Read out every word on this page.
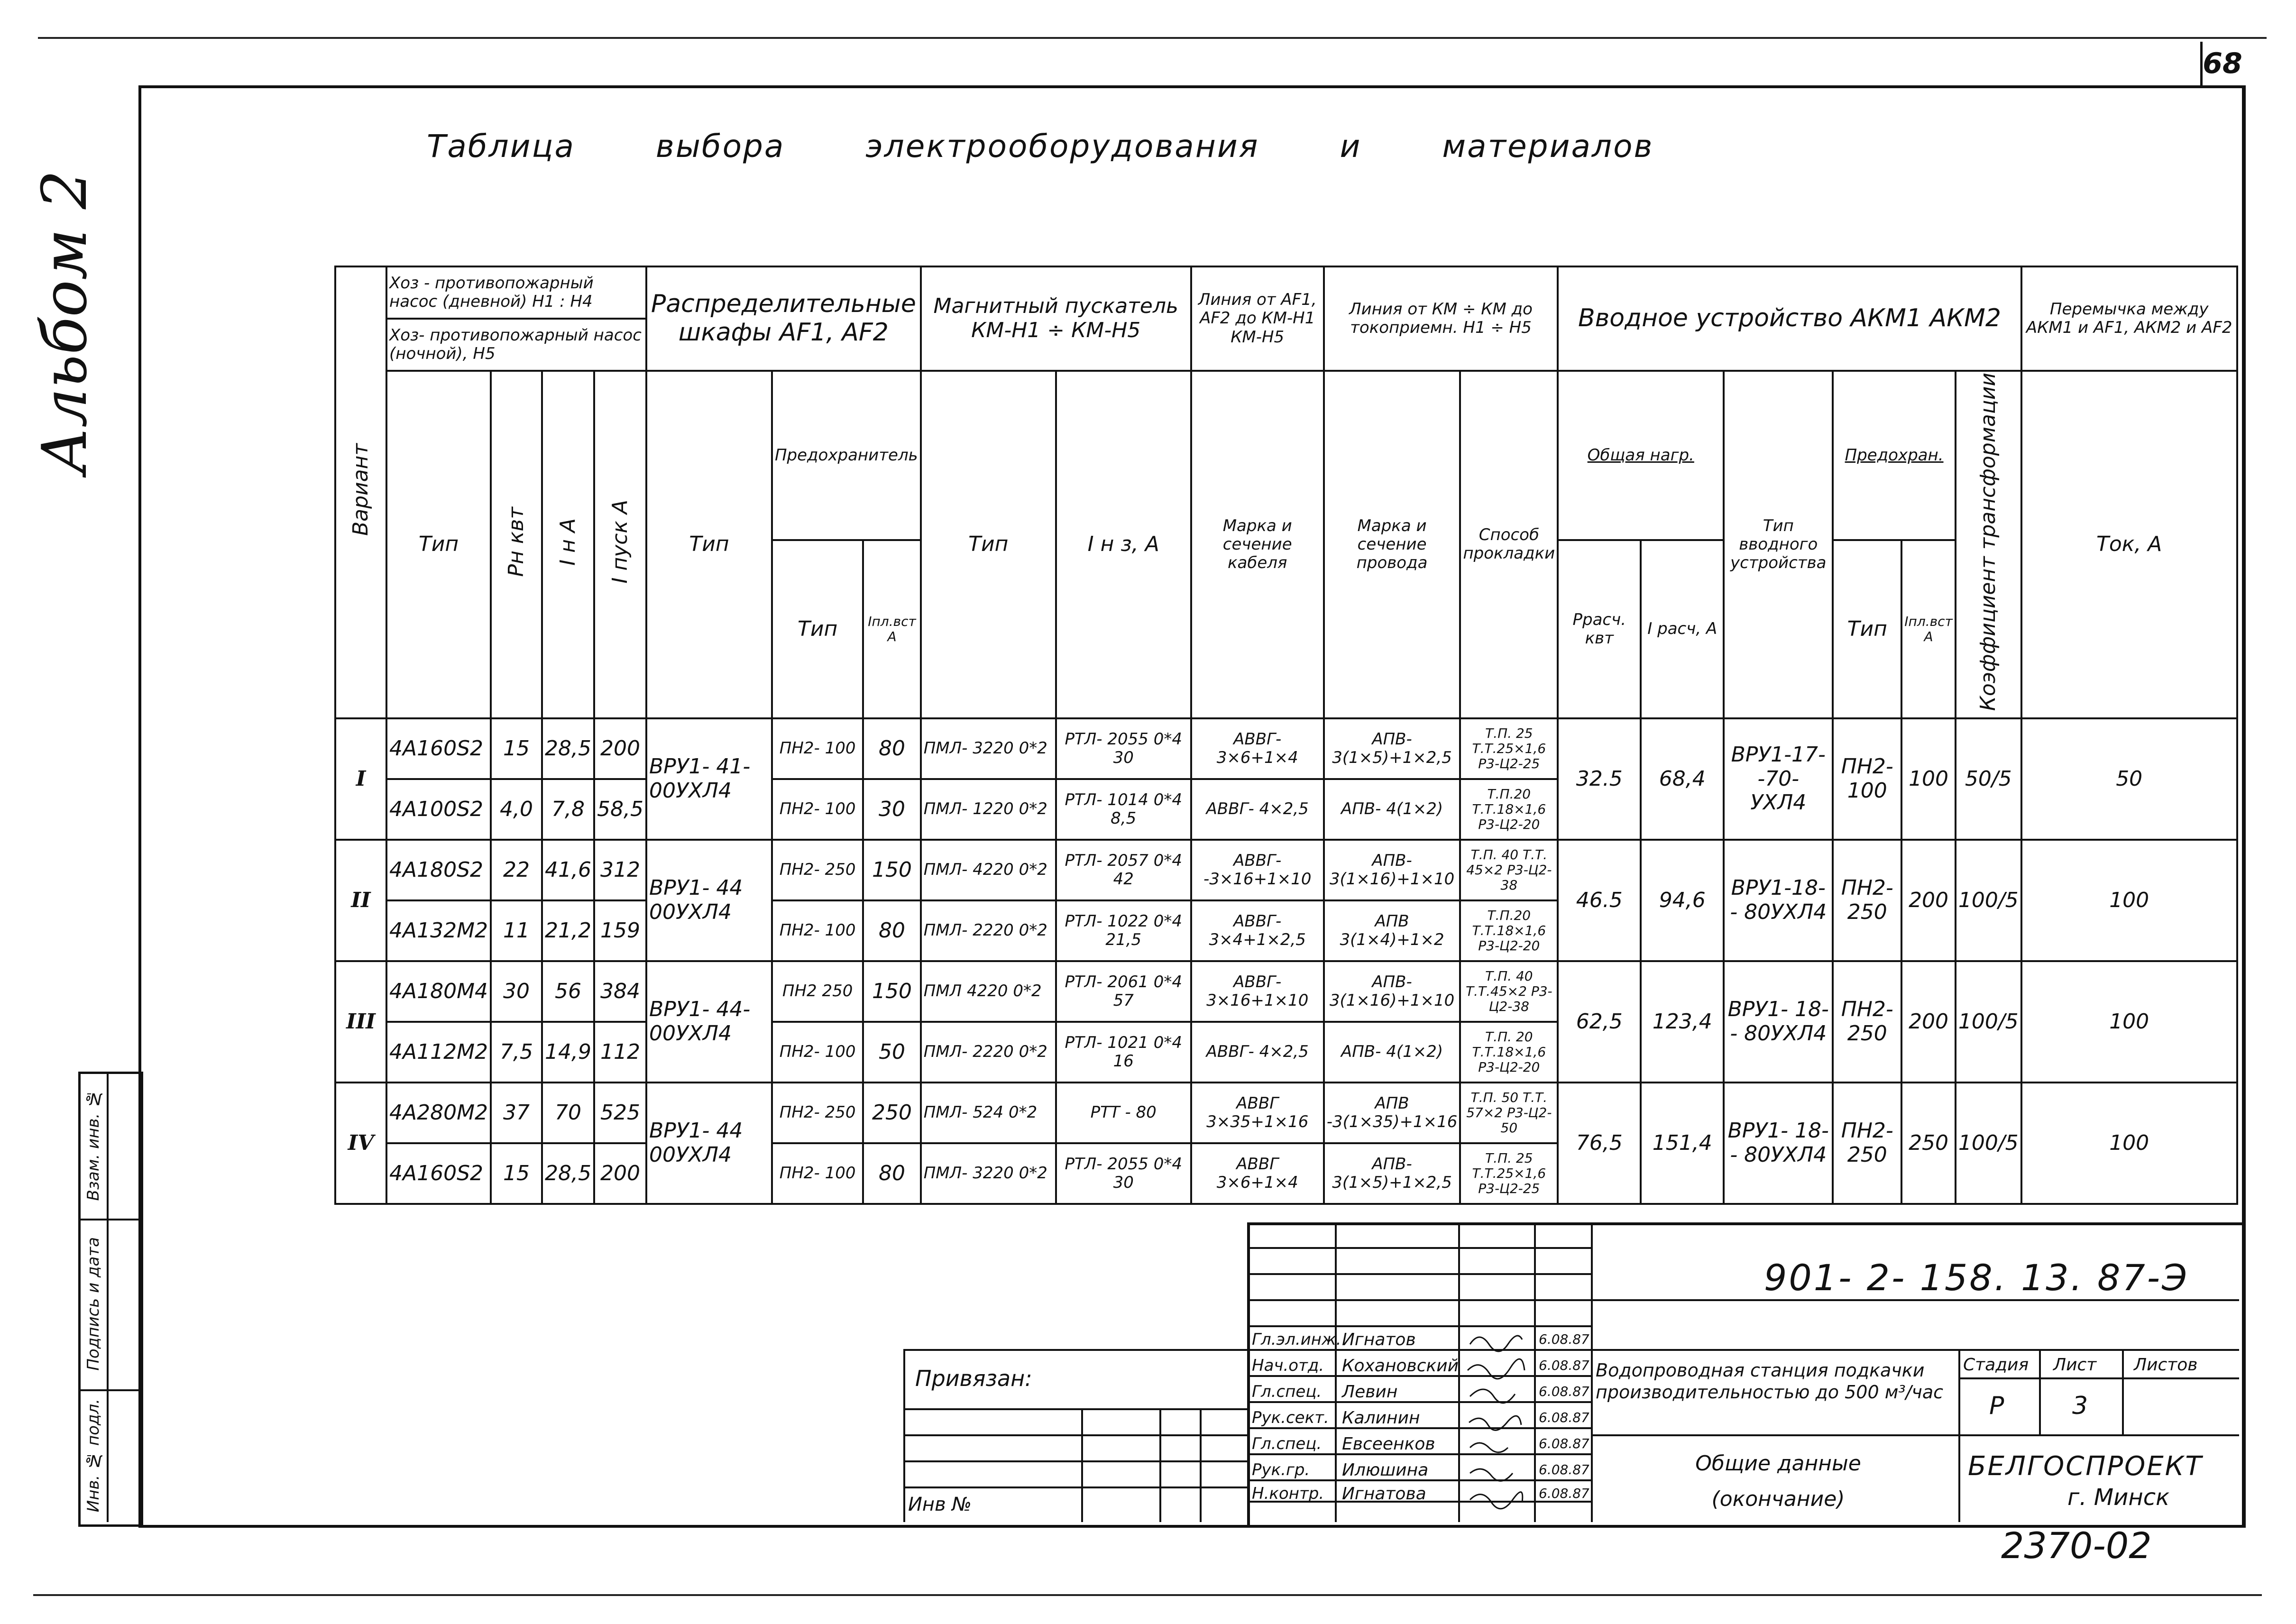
68
Альбом 2
Таблица	выбора	электрооборудования	и	материалов
Вариант	Хоз - противопожарный насос (дневной) Н1 : Н4				Распределительные шкафы АF1, АF2			Магнитный пускатель КМ-Н1 ÷ КМ-Н5		Линия от АF1, АF2 до КМ-Н1 КМ-Н5	Линия от КМ ÷ КМ до токоприемн. Н1 ÷ Н5		Вводное устройство АКМ1 АКМ2						Перемычка между АКМ1 и АF1, АКМ2 и АF2
	Хоз- противопожарный насос (ночной), Н5																		
	Тип	Рн квт	I н А	I пуск А	Тип	Предохранитель		Тип	I н з, А	Марка и сечение кабеля	Марка и сечение провода	Способ прокладки	Общая нагр.		Тип вводного устройства	Предохран.		Коэффициент трансформации	Ток, А
						Тип	Iпл.вст А						Ррасч. квт	I расч, А		Тип	Iпл.вст А		
I	4А160S2	15	28,5	200	ВРУ1- 41-00УХЛ4	ПН2- 100	80	ПМЛ- 3220 0*2	РТЛ- 2055 0*4 30	АВВГ- 3×6+1×4	АПВ- 3(1×5)+1×2,5	Т.П. 25 Т.Т.25×1,6 Р3-Ц2-25	32.5	68,4	ВРУ1-17- -70- УХЛ4	ПН2- 100	100	50/5	50
	4А100S2	4,0	7,8	58,5		ПН2- 100	30	ПМЛ- 1220 0*2	РТЛ- 1014 0*4 8,5	АВВГ- 4×2,5	АПВ- 4(1×2)	Т.П.20 Т.Т.18×1,6 Р3-Ц2-20							
II	4А180S2	22	41,6	312	ВРУ1- 44 00УХЛ4	ПН2- 250	150	ПМЛ- 4220 0*2	РТЛ- 2057 0*4 42	АВВГ- -3×16+1×10	АПВ- 3(1×16)+1×10	Т.П. 40 Т.Т. 45×2 Р3-Ц2-38	46.5	94,6	ВРУ1-18- - 80УХЛ4	ПН2- 250	200	100/5	100
	4А132М2	11	21,2	159		ПН2- 100	80	ПМЛ- 2220 0*2	РТЛ- 1022 0*4 21,5	АВВГ- 3×4+1×2,5	АПВ 3(1×4)+1×2	Т.П.20 Т.Т.18×1,6 Р3-Ц2-20							
III	4А180М4	30	56	384	ВРУ1- 44- 00УХЛ4	ПН2 250	150	ПМЛ 4220 0*2	РТЛ- 2061 0*4 57	АВВГ- 3×16+1×10	АПВ- 3(1×16)+1×10	Т.П. 40 Т.Т.45×2 Р3-Ц2-38	62,5	123,4	ВРУ1- 18- - 80УХЛ4	ПН2- 250	200	100/5	100
	4А112М2	7,5	14,9	112		ПН2- 100	50	ПМЛ- 2220 0*2	РТЛ- 1021 0*4 16	АВВГ- 4×2,5	АПВ- 4(1×2)	Т.П. 20 Т.Т.18×1,6 Р3-Ц2-20							
IV	4А280М2	37	70	525	ВРУ1- 44 00УХЛ4	ПН2- 250	250	ПМЛ- 524 0*2	РТТ - 80	АВВГ 3×35+1×16	АПВ -3(1×35)+1×16	Т.П. 50 Т.Т. 57×2 Р3-Ц2-50	76,5	151,4	ВРУ1- 18- - 80УХЛ4	ПН2- 250	250	100/5	100
	4А160S2	15	28,5	200		ПН2- 100	80	ПМЛ- 3220 0*2	РТЛ- 2055 0*4 30	АВВГ 3×6+1×4	АПВ- 3(1×5)+1×2,5	Т.П. 25 Т.Т.25×1,6 Р3-Ц2-25							
Привязан:
Инв №
Гл.эл.инж. Игнатов	6.08.87
Нач.отд. Кохановский	6.08.87
Гл.спец. Левин	6.08.87
Рук.сект. Калинин	6.08.87
Гл.спец. Евсеенков	6.08.87
Рук.гр. Илюшина	6.08.87
Н.контр. Игнатова	6.08.87
901- 2- 158. 13. 87-Э
Водопроводная станция подкачки производительностью до 500 м³/час
Общие данные (окончание)
Стадия Лист Листов
Р	3
БЕЛГОСПРОЕКТ
г. Минск
2370-02
Взам. инв. №
Подпись и дата
Инв. № подл.
